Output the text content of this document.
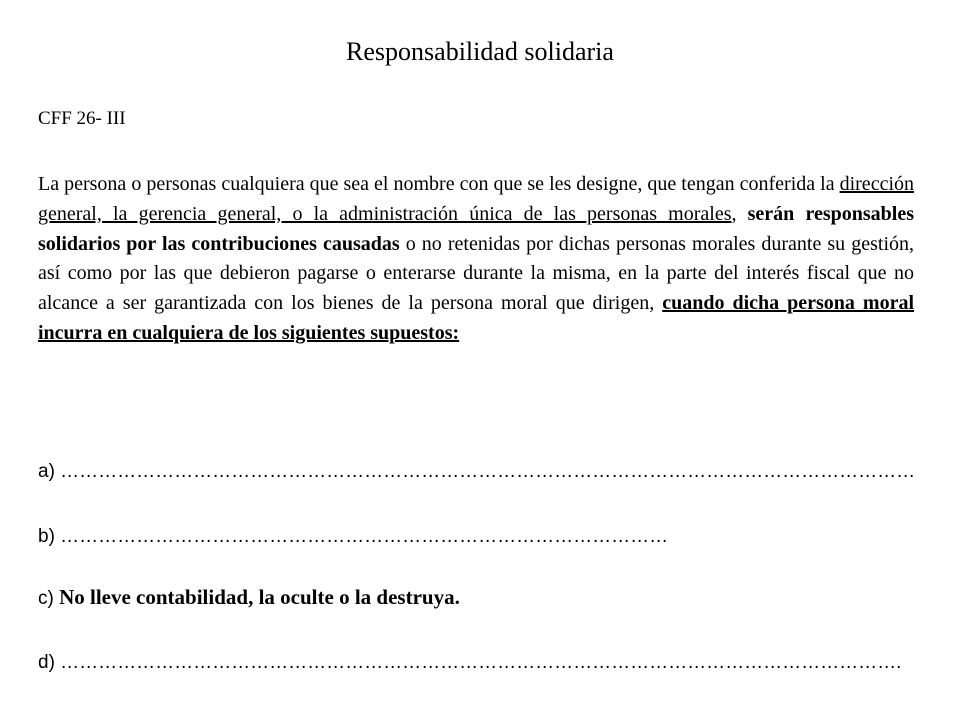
Responsabilidad solidaria
CFF 26- III
La persona o personas cualquiera que sea el nombre con que se les designe, que tengan conferida la dirección general, la gerencia general, o la administración única de las personas morales, serán responsables solidarios por las contribuciones causadas o no retenidas por dichas personas morales durante su gestión, así como por las que debieron pagarse o enterarse durante la misma, en la parte del interés fiscal que no alcance a ser garantizada con los bienes de la persona moral que dirigen, cuando dicha persona moral incurra en cualquiera de los siguientes supuestos:
a) ………………………………………………………………………………………………………………………
b) ……………………………………………………………………………………
c) No lleve contabilidad, la oculte o la destruya.
d) …………………………………………………………………………………………………………………….
